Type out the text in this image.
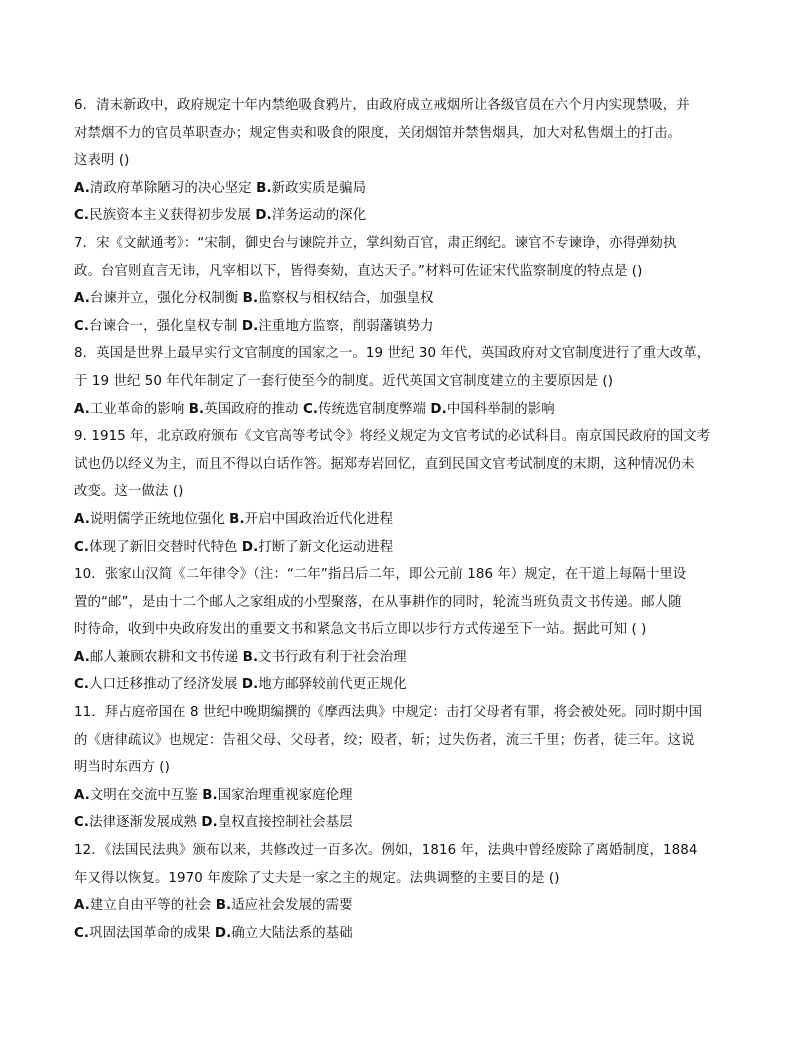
6．清末新政中，政府规定十年内禁绝吸食鸦片，由政府成立戒烟所让各级官员在六个月内实现禁吸，并
对禁烟不力的官员革职查办；规定售卖和吸食的限度，关闭烟馆并禁售烟具，加大对私售烟土的打击。
这表明 ()
A.清政府革除陋习的决心坚定 B.新政实质是骗局
C.民族资本主义获得初步发展 D.洋务运动的深化
7．宋《文献通考》：“宋制，御史台与谏院并立，掌纠劾百官，肃正纲纪。谏官不专谏诤，亦得弹劾执
政。台官则直言无讳，凡宰相以下，皆得奏劾，直达天子。”材料可佐证宋代监察制度的特点是 ()
A.台谏并立，强化分权制衡 B.监察权与相权结合，加强皇权
C.台谏合一，强化皇权专制 D.注重地方监察，削弱藩镇势力
8．英国是世界上最早实行文官制度的国家之一。19 世纪 30 年代，英国政府对文官制度进行了重大改革，
于 19 世纪 50 年代年制定了一套行使至今的制度。近代英国文官制度建立的主要原因是 ()
A.工业革命的影响 B.英国政府的推动 C.传统选官制度弊端 D.中国科举制的影响
9. 1915 年，北京政府颁布《文官高等考试令》将经义规定为文官考试的必试科目。南京国民政府的国文考
试也仍以经义为主，而且不得以白话作答。据郑寿岩回忆，直到民国文官考试制度的末期，这种情况仍未
改变。这一做法 ()
A.说明儒学正统地位强化 B.开启中国政治近代化进程
C.体现了新旧交替时代特色 D.打断了新文化运动进程
10．张家山汉简《二年律令》（注：“二年”指吕后二年，即公元前 186 年）规定，在干道上每隔十里设
置的“邮”，是由十二个邮人之家组成的小型聚落，在从事耕作的同时，轮流当班负责文书传递。邮人随
时待命，收到中央政府发出的重要文书和紧急文书后立即以步行方式传递至下一站。据此可知 ( )
A.邮人兼顾农耕和文书传递 B.文书行政有利于社会治理
C.人口迁移推动了经济发展 D.地方邮驿较前代更正规化
11．拜占庭帝国在 8 世纪中晚期编撰的《摩西法典》中规定：击打父母者有罪，将会被处死。同时期中国
的《唐律疏议》也规定：告祖父母、父母者，绞；殴者，斩；过失伤者，流三千里；伤者，徒三年。这说
明当时东西方 ()
A.文明在交流中互鉴 B.国家治理重视家庭伦理
C.法律逐渐发展成熟 D.皇权直接控制社会基层
12．《法国民法典》颁布以来，共修改过一百多次。例如，1816 年，法典中曾经废除了离婚制度，1884
年又得以恢复。1970 年废除了丈夫是一家之主的规定。法典调整的主要目的是 ()
A.建立自由平等的社会 B.适应社会发展的需要
C.巩固法国革命的成果 D.确立大陆法系的基础
